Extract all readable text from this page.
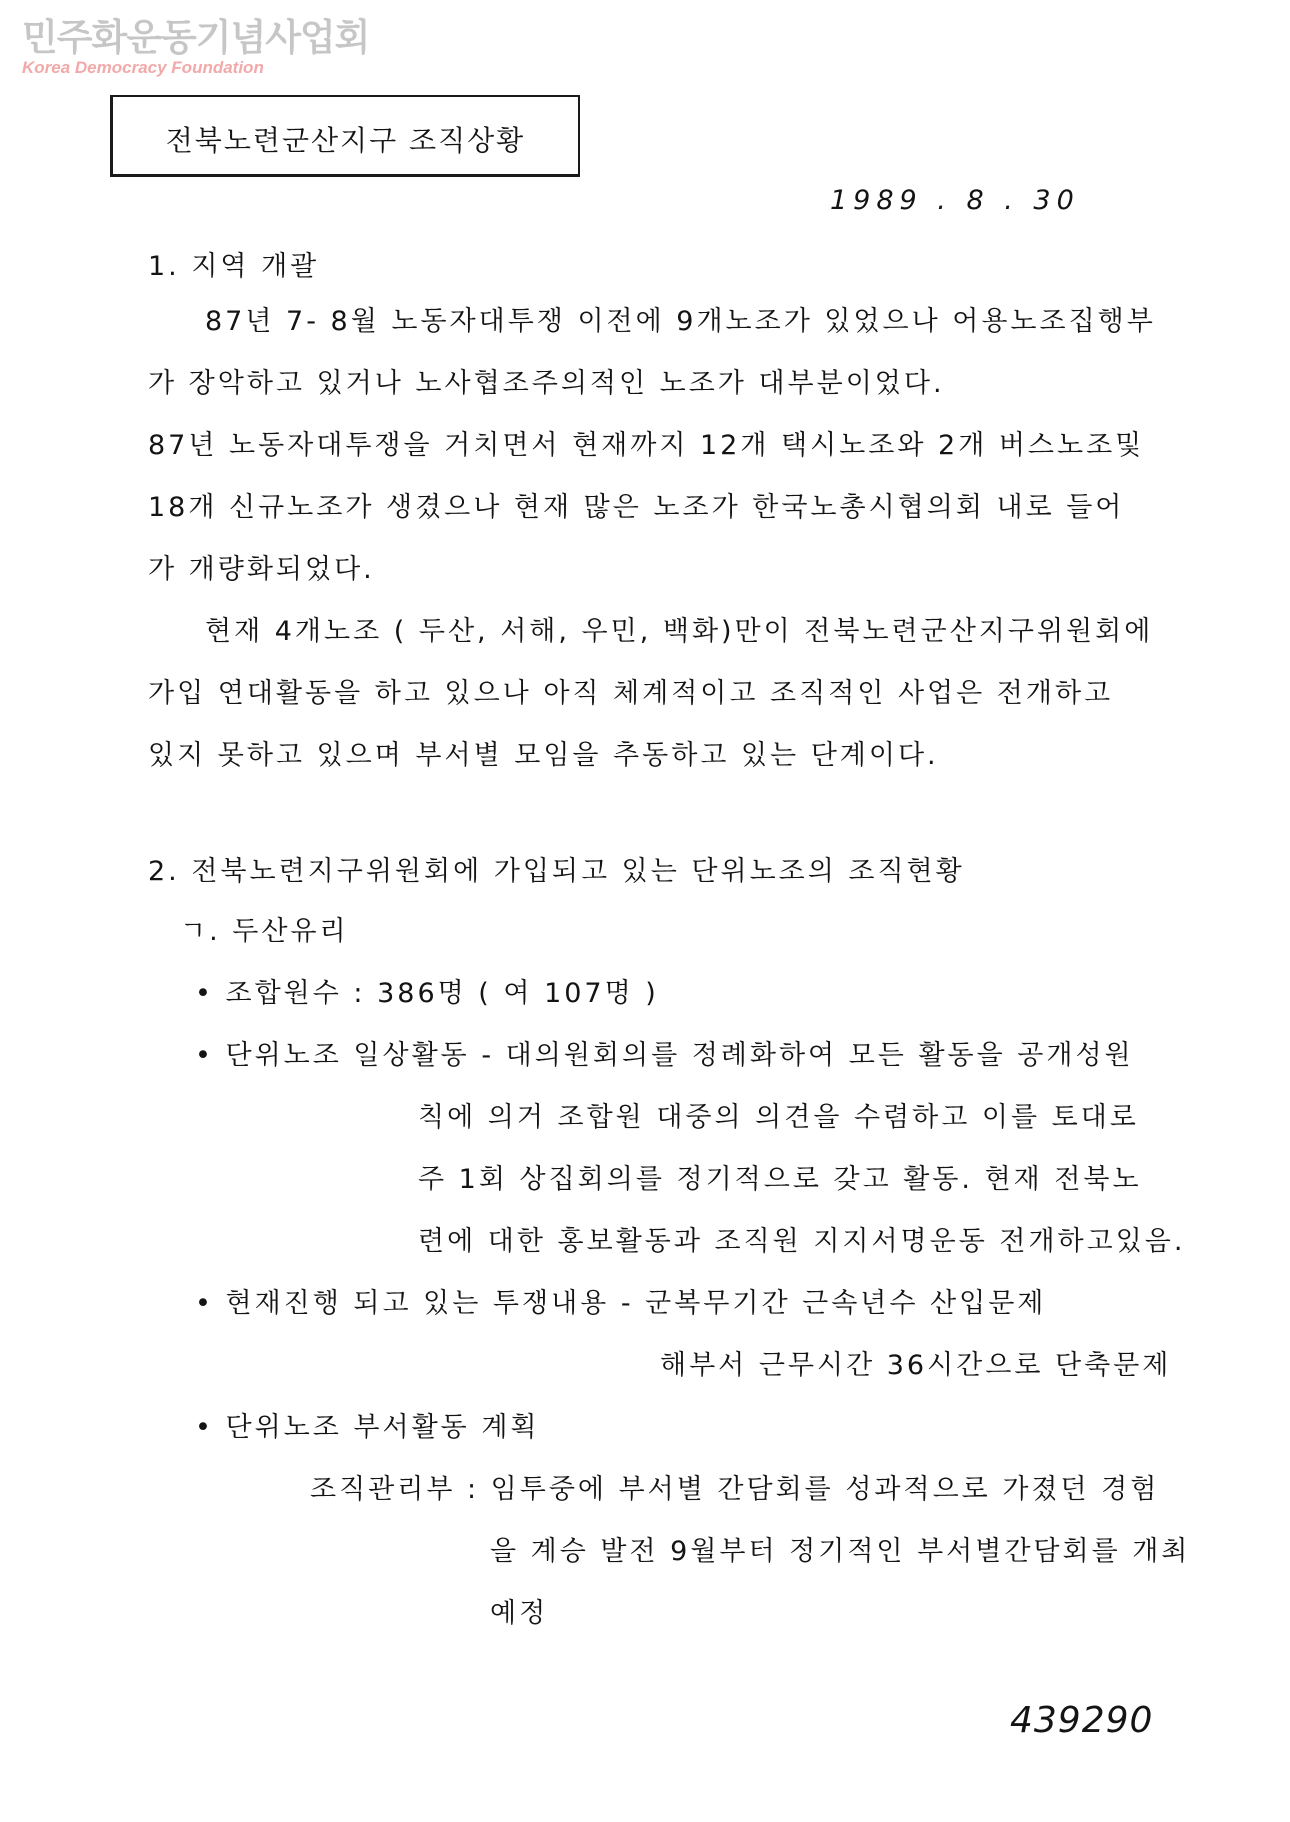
민주화운동기념사업회
Korea Democracy Foundation
전북노련군산지구 조직상황
1989 . 8 . 30
1. 지역 개괄
87년 7- 8월 노동자대투쟁 이전에 9개노조가 있었으나 어용노조집행부
가 장악하고 있거나 노사협조주의적인 노조가 대부분이었다.
87년 노동자대투쟁을 거치면서 현재까지 12개 택시노조와 2개 버스노조및
18개 신규노조가 생겼으나 현재 많은 노조가 한국노총시협의회 내로 들어
가 개량화되었다.
현재 4개노조 ( 두산, 서해, 우민, 백화)만이 전북노련군산지구위원회에
가입 연대활동을 하고 있으나 아직 체계적이고 조직적인 사업은 전개하고
있지 못하고 있으며 부서별 모임을 추동하고 있는 단계이다.
2. 전북노련지구위원회에 가입되고 있는 단위노조의 조직현황
ㄱ. 두산유리
• 조합원수 : 386명 ( 여 107명 )
• 단위노조 일상활동 - 대의원회의를 정례화하여 모든 활동을 공개성원
칙에 의거 조합원 대중의 의견을 수렴하고 이를 토대로
주 1회 상집회의를 정기적으로 갖고 활동. 현재 전북노
련에 대한 홍보활동과 조직원 지지서명운동 전개하고있음.
• 현재진행 되고 있는 투쟁내용 - 군복무기간 근속년수 산입문제
해부서 근무시간 36시간으로 단축문제
• 단위노조 부서활동 계획
조직관리부 : 임투중에 부서별 간담회를 성과적으로 가졌던 경험
을 계승 발전 9월부터 정기적인 부서별간담회를 개최
예정
439290
